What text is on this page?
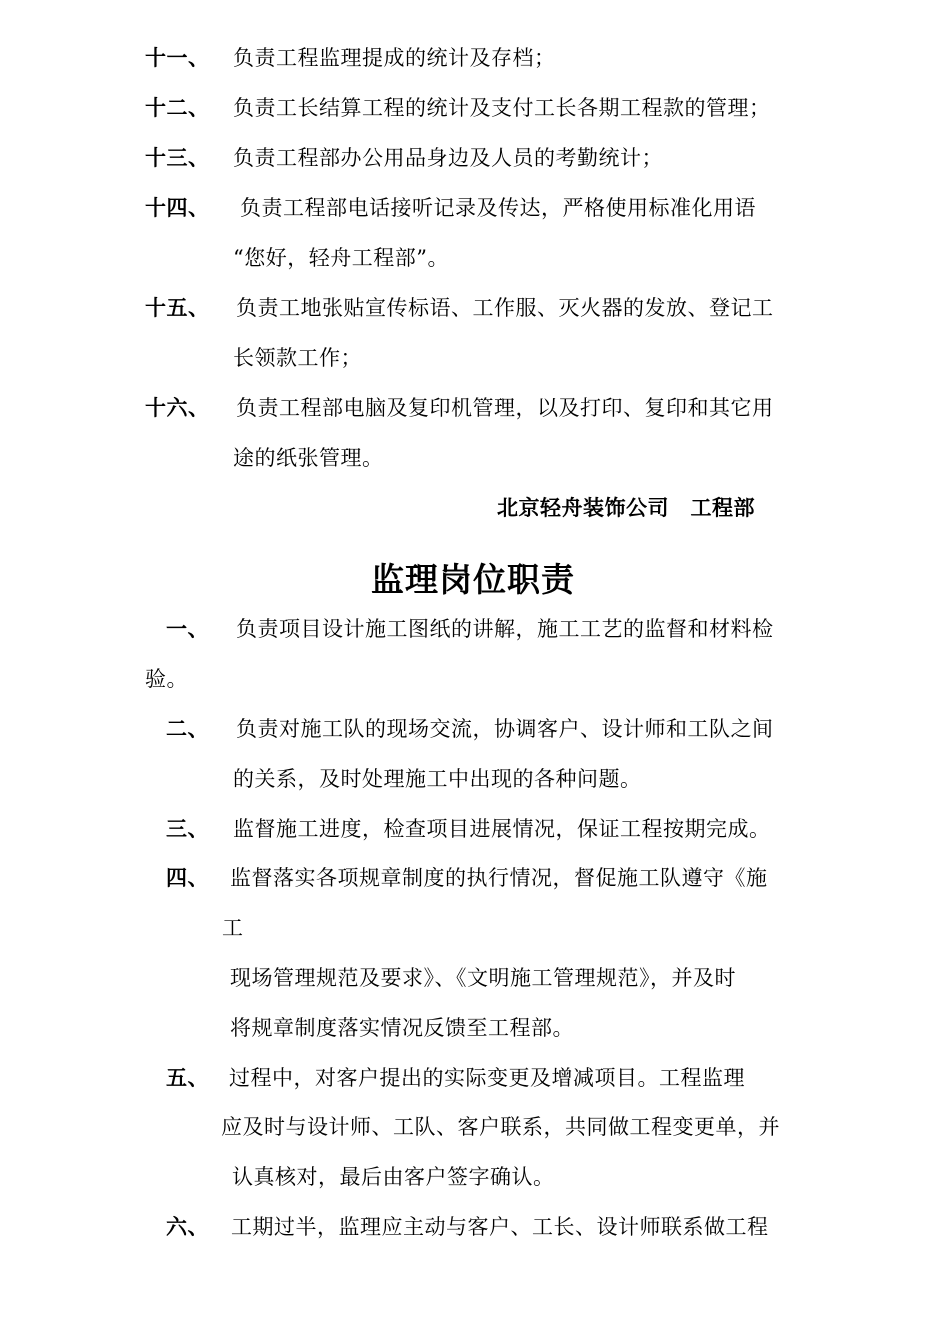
十一、 负责工程监理提成的统计及存档；
十二、 负责工长结算工程的统计及支付工长各期工程款的管理；
十三、 负责工程部办公用品身边及人员的考勤统计；
十四、 负责工程部电话接听记录及传达，严格使用标准化用语
“您好，轻舟工程部”。
十五、 负责工地张贴宣传标语、工作服、灭火器的发放、登记工
长领款工作；
十六、 负责工程部电脑及复印机管理，以及打印、复印和其它用
途的纸张管理。
北京轻舟装饰公司　工程部
监理岗位职责
一、 负责项目设计施工图纸的讲解，施工工艺的监督和材料检
验。
二、 负责对施工队的现场交流，协调客户、设计师和工队之间
的关系，及时处理施工中出现的各种问题。
三、 监督施工进度，检查项目进展情况，保证工程按期完成。
四、 监督落实各项规章制度的执行情况，督促施工队遵守《施
工
现场管理规范及要求》、《文明施工管理规范》，并及时
将规章制度落实情况反馈至工程部。
五、 过程中，对客户提出的实际变更及增减项目。工程监理
应及时与设计师、工队、客户联系，共同做工程变更单，并
认真核对，最后由客户签字确认。
六、 工期过半，监理应主动与客户、工长、设计师联系做工程
